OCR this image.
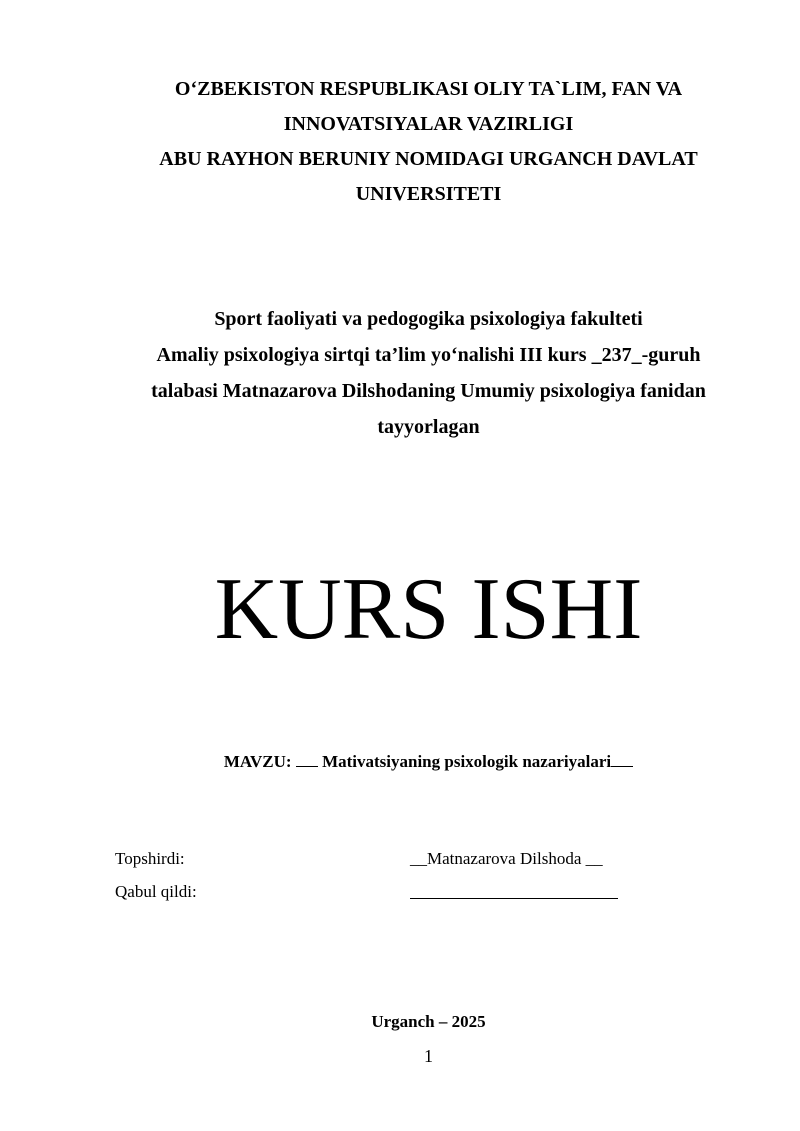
O‘ZBEKISTON RESPUBLIKASI OLIY TA`LIM, FAN VA
INNOVATSIYALAR VAZIRLIGI
ABU RAYHON BERUNIY NOMIDAGI URGANCH DAVLAT
UNIVERSITETI
Sport faoliyati va pedogogika psixologiya fakulteti
Amaliy psixologiya sirtqi ta’lim yo‘nalishi III kurs _237_-guruh
talabasi Matnazarova Dilshodaning Umumiy psixologiya fanidan
tayyorlagan
KURS ISHI
MAVZU: Mativatsiyaning psixologik nazariyalari
Topshirdi:	__Matnazarova Dilshoda __
Qabul qildi:
Urganch – 2025
1
